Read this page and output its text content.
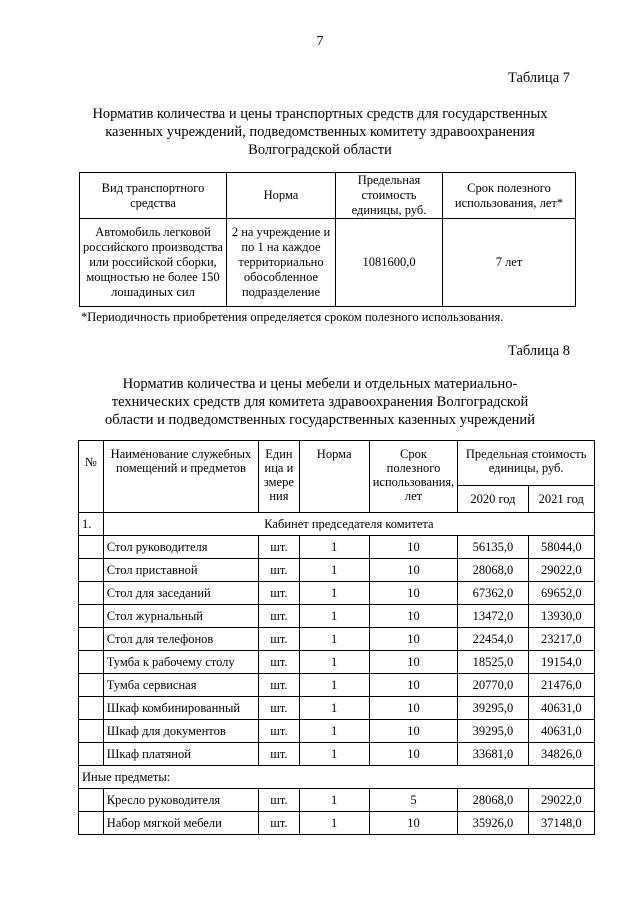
7
Таблица 7
Норматив количества и цены транспортных средств для государственных
казенных учреждений, подведомственных комитету здравоохранения
Волгоградской области
Вид транспортного средства	Норма	Предельная стоимость единицы, руб.	Срок полезного использования, лет*
Автомобиль легковой российского производства или российской сборки, мощностью не более 150 лошадиных сил	2 на учреждение и по 1 на каждое территориально обособленное подразделение	1081600,0	7 лет
*Периодичность приобретения определяется сроком полезного использования.
Таблица 8
Норматив количества и цены мебели и отдельных материально-
технических средств для комитета здравоохранения Волгоградской
области и подведомственных государственных казенных учреждений
№	Наименование служебных помещений и предметов	Единица измерения	Норма	Срок полезного использования, лет	Предельная стоимость единицы, руб.	
					2020 год	2021 год
1.	Кабинет председателя комитета					
	Стол руководителя	шт.	1	10	56135,0	58044,0
	Стол приставной	шт.	1	10	28068,0	29022,0
	Стол для заседаний	шт.	1	10	67362,0	69652,0
	Стол журнальный	шт.	1	10	13472,0	13930,0
	Стол для телефонов	шт.	1	10	22454,0	23217,0
	Тумба к рабочему столу	шт.	1	10	18525,0	19154,0
	Тумба сервисная	шт.	1	10	20770,0	21476,0
	Шкаф комбинированный	шт.	1	10	39295,0	40631,0
	Шкаф для документов	шт.	1	10	39295,0	40631,0
	Шкаф платяной	шт.	1	10	33681,0	34826,0
Иные предметы:						
	Кресло руководителя	шт.	1	5	28068,0	29022,0
	Набор мягкой мебели	шт.	1	10	35926,0	37148,0
